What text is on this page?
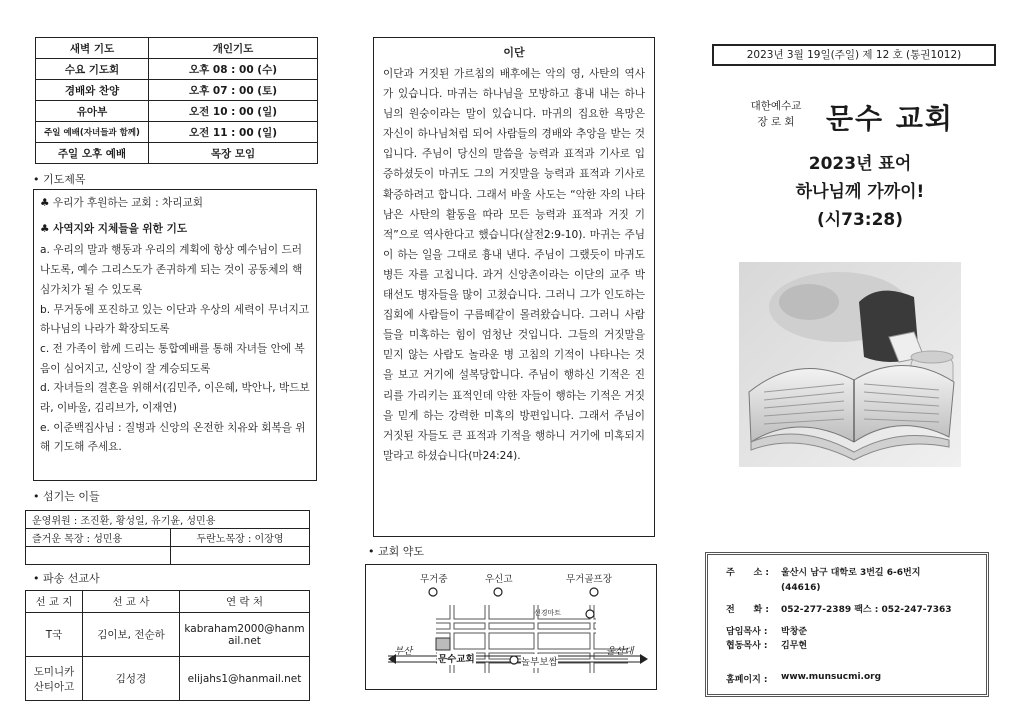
새벽 기도	개인기도
수요 기도회	오후 08 : 00 (수)
경배와 찬양	오후 07 : 00 (토)
유아부	오전 10 : 00 (일)
주일 예배(자녀들과 함께)	오전 11 : 00 (일)
주일 오후 예배	목장 모임
• 기도제목

♣ 우리가 후원하는 교회 : 차리교회

♣ 사역지와 지체들을 위한 기도

a. 우리의 말과 행동과 우리의 계획에 항상 예수님이 드러나도록, 예수 그리스도가 존귀하게 되는 것이 공동체의 핵심가치가 될 수 있도록

b. 무거동에 포진하고 있는 이단과 우상의 세력이 무너지고 하나님의 나라가 확장되도록

c. 전 가족이 함께 드리는 통합예배를 통해 자녀들 안에 복음이 심어지고, 신앙이 잘 계승되도록

d. 자녀들의 결혼을 위해서(김민주, 이은혜, 박안나, 박드보라, 이바울, 김리브가, 이재연)

e. 이준백집사님 : 질병과 신앙의 온전한 치유와 회복을 위해 기도해 주세요.

• 섬기는 이들
운영위원 : 조진환, 황성일, 유기윤, 성민용	
즐거운 목장 : 성민용	두란노목장 : 이장영

• 파송 선교사
선 교 지	선 교 사	연 락 처
T국	김이보, 전순하	kabraham2000@hanmail.net
도미니카 산티아고	김성경	elijahs1@hanmail.net
이단

이단과 거짓된 가르침의 배후에는 악의 영, 사탄의 역사가 있습니다. 마귀는 하나님을 모방하고 흉내 내는 하나님의 원숭이라는 말이 있습니다. 마귀의 집요한 욕망은 자신이 하나님처럼 되어 사람들의 경배와 추앙을 받는 것입니다. 주님이 당신의 말씀을 능력과 표적과 기사로 입증하셨듯이 마귀도 그의 거짓말을 능력과 표적과 기사로 확증하려고 합니다. 그래서 바울 사도는 “악한 자의 나타남은 사탄의 활동을 따라 모든 능력과 표적과 거짓 기적”으로 역사한다고 했습니다(살전2:9-10). 마귀는 주님이 하는 일을 그대로 흉내 낸다. 주님이 그랬듯이 마귀도 병든 자를 고칩니다. 과거 신앙촌이라는 이단의 교주 박태선도 병자들을 많이 고쳤습니다. 그러니 그가 인도하는 집회에 사람들이 구름떼같이 몰려왔습니다. 그러니 사람들을 미혹하는 힘이 엄청난 것입니다. 그들의 거짓말을 믿지 않는 사람도 놀라운 병 고침의 기적이 나타나는 것을 보고 거기에 설복당합니다. 주님이 행하신 기적은 진리를 가리키는 표적인데 악한 자들이 행하는 기적은 거짓을 믿게 하는 강력한 미혹의 방편입니다. 그래서 주님이 거짓된 자들도 큰 표적과 기적을 행하니 거기에 미혹되지 말라고 하셨습니다(마24:24).

• 교회 약도
무거중	우신고	무거골프장
선경마트
문수교회	놀부보쌈
부산	울산대
2023년 3월 19일(주일) 제 12 호 (통권1012)
대한예수교
장 로 회	문수 교회
2023년 표어
하나님께 가까이!
(시73:28)
주      소 :	울산시 남구 대학로 3번길 6-6번지
(44616)
전      화 :	052-277-2389 팩스 : 052-247-7363
담임목사 :	박창준
협동목사 :	김무현
홈페이지 :	www.munsucmi.org
